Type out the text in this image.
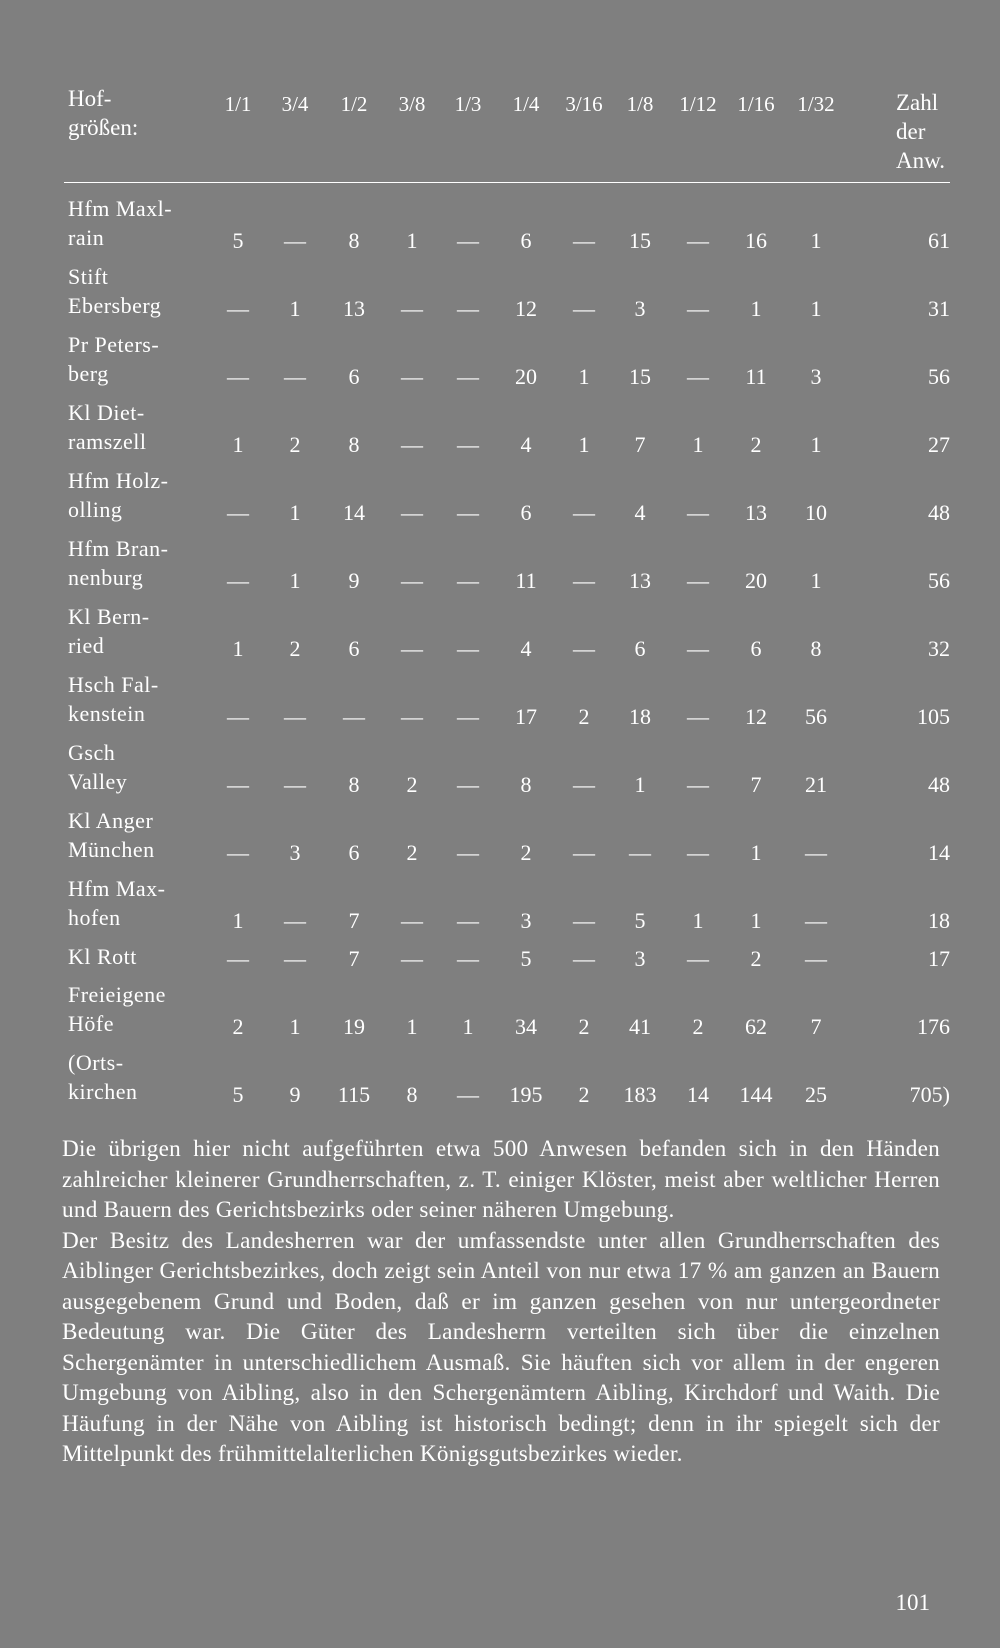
Hof-
größen:
1/1	3/4	1/2	3/8	1/3	1/4	3/16	1/8	1/12 1/16	1/32	Zahl
der
Anw.
Hfm Maxl-
rain	5	—	8	1	—	6	—	15	—	16	1	61
Stift
Ebersberg	—	1	13	—	—	12	—	3	—	1	1	31
Pr Peters-
berg	—	—	6	—	—	20	1	15	—	11	3	56
Kl Diet-
ramszell	1	2	8	—	—	4	1	7	1	2	1	27
Hfm Holz-
olling	—	1	14	—	—	6	—	4	—	13	10	48
Hfm Bran-
nenburg	—	1	9	—	—	11	—	13	—	20	1	56
Kl Bern-
ried	1	2	6	—	—	4	—	6	—	6	8	32
Hsch Fal-
kenstein	—	—	—	—	—	17	2	18	—	12	56	105
Gsch
Valley	—	—	8	2	—	8	—	1	—	7	21	48
Kl Anger
München	—	3	6	2	—	2	—	—	—	1	—	14
Hfm Max-
hofen	1	—	7	—	—	3	—	5	1	1	—	18
Kl Rott	—	—	7	—	—	5	—	3	—	2	—	17
Freieigene
Höfe	2	1	19	1	1	34	2	41	2	62	7	176
(Orts-
kirchen	5	9	115	8	—	195	2	183	14	144	25	705)

Die übrigen hier nicht aufgeführten etwa 500 Anwesen befanden sich in den Händen zahlreicher kleinerer Grundherrschaften, z. T. einiger Klöster, meist aber weltlicher Herren und Bauern des Gerichtsbezirks oder seiner näheren Umgebung.

Der Besitz des Landesherren war der umfassendste unter allen Grundherrschaften des Aiblinger Gerichtsbezirkes, doch zeigt sein Anteil von nur etwa 17 % am ganzen an Bauern ausgegebenem Grund und Boden, daß er im ganzen gesehen von nur untergeordneter Bedeutung war. Die Güter des Landesherrn verteilten sich über die einzelnen Schergenämter in unterschiedlichem Ausmaß. Sie häuften sich vor allem in der engeren Umgebung von Aibling, also in den Schergenämtern Aibling, Kirchdorf und Waith. Die Häufung in der Nähe von Aibling ist historisch bedingt; denn in ihr spiegelt sich der Mittelpunkt des frühmittelalterlichen Königsgutsbezirkes wieder.

101
